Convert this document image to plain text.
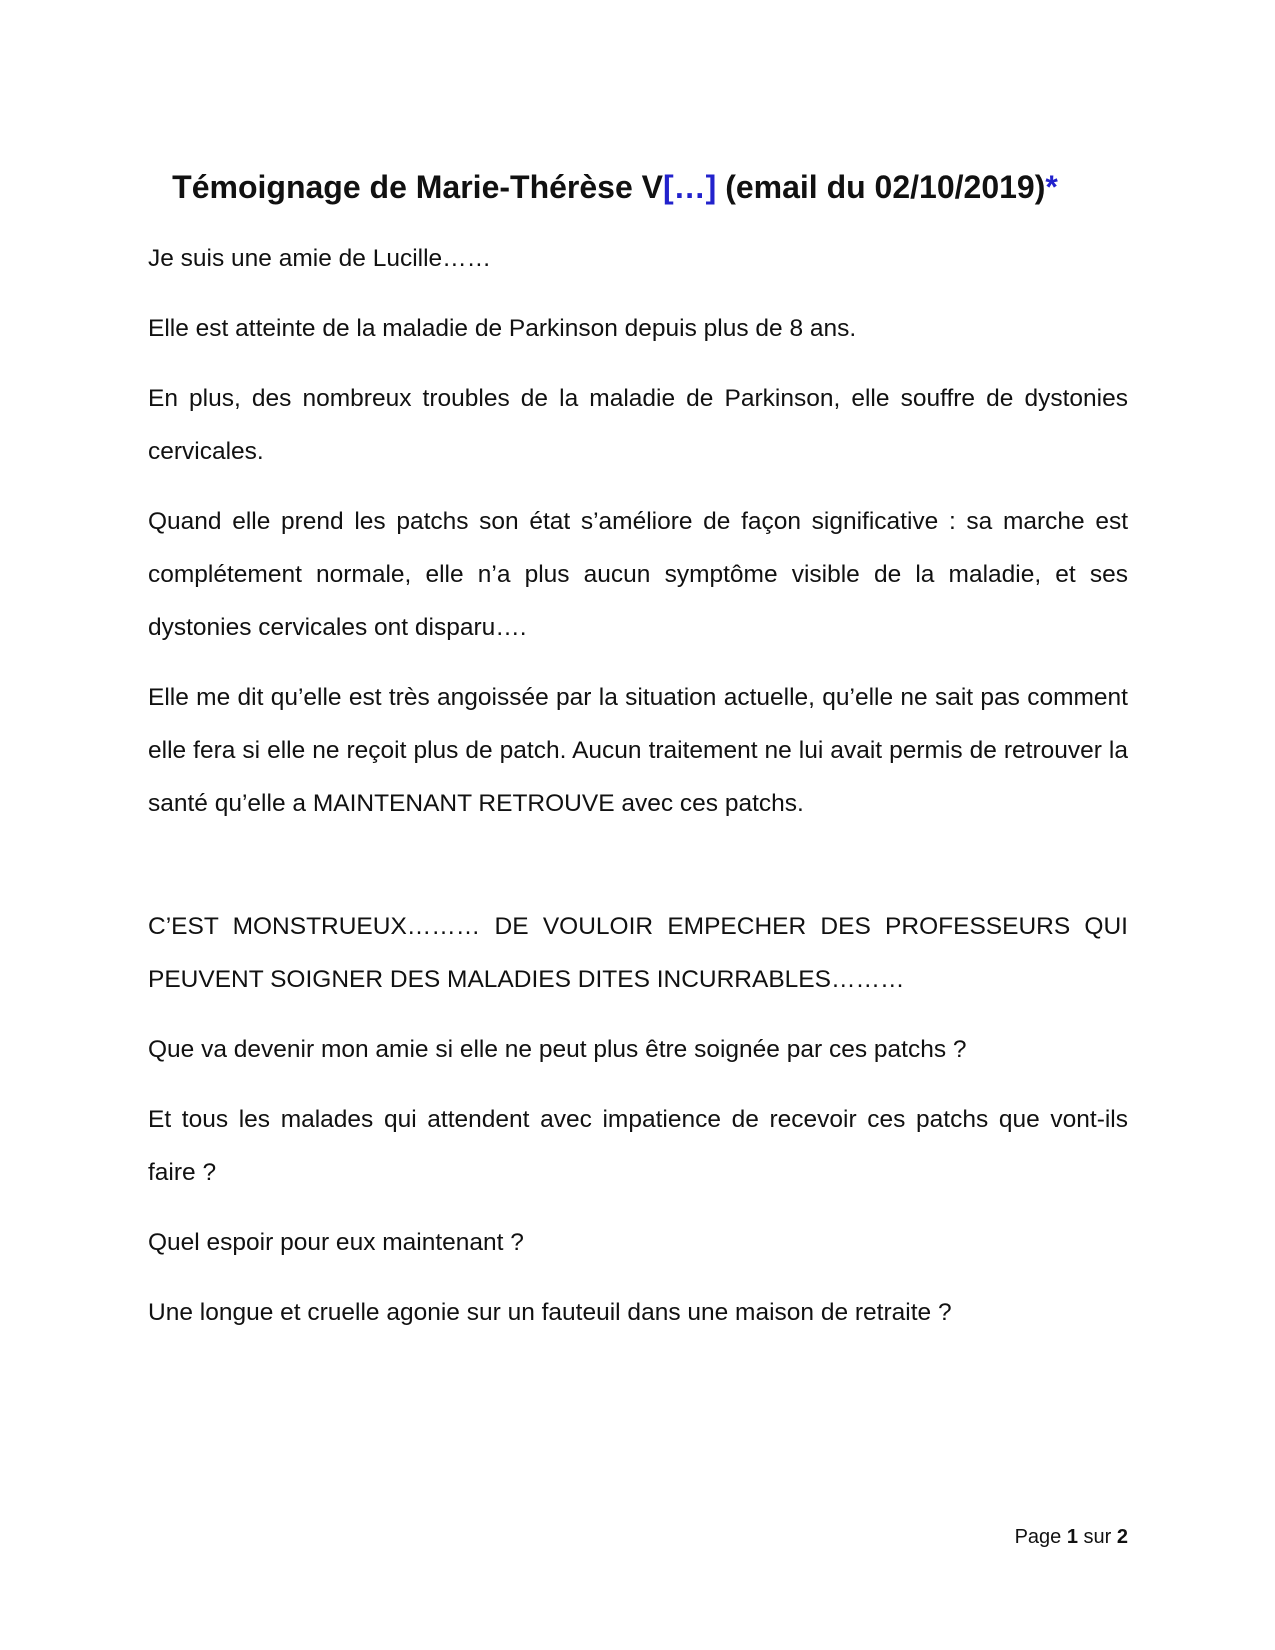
Témoignage de Marie-Thérèse V[…] (email du 02/10/2019)*

Je suis une amie de Lucille……

Elle est atteinte de la maladie de Parkinson depuis plus de 8 ans.

En plus, des nombreux troubles de la maladie de Parkinson, elle souffre de dystonies cervicales.

Quand elle prend les patchs son état s’améliore de façon significative : sa marche est complétement normale, elle n’a plus aucun symptôme visible de la maladie, et ses dystonies cervicales ont disparu….

Elle me dit qu’elle est très angoissée par la situation actuelle, qu’elle ne sait pas comment elle fera si elle ne reçoit plus de patch. Aucun traitement ne lui avait permis de retrouver la santé qu’elle a MAINTENANT RETROUVE avec ces patchs.

C’EST MONSTRUEUX……… DE VOULOIR EMPECHER DES PROFESSEURS QUI PEUVENT SOIGNER DES MALADIES DITES INCURRABLES………

Que va devenir mon amie si elle ne peut plus être soignée par ces patchs ?

Et tous les malades qui attendent avec impatience de recevoir ces patchs que vont-ils faire ?

Quel espoir pour eux maintenant ?

Une longue et cruelle agonie sur un fauteuil dans une maison de retraite ?

Page 1 sur 2
